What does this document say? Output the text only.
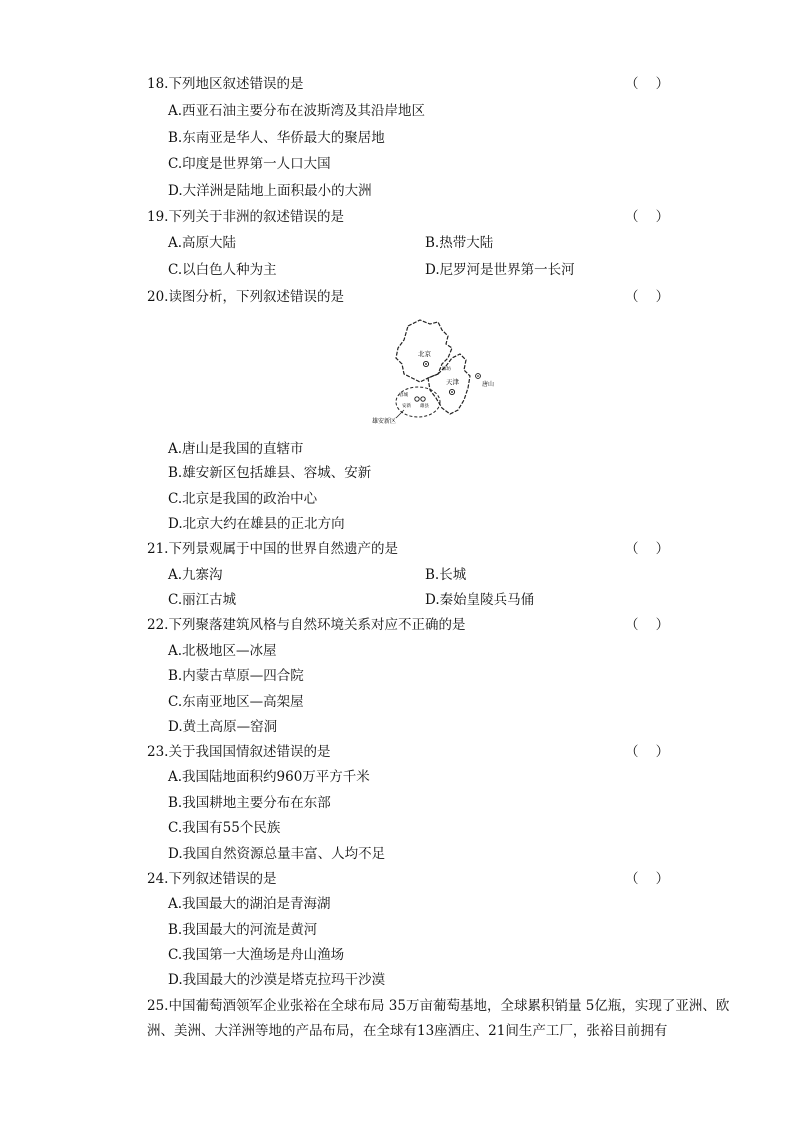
18.下列地区叙述错误的是	（    ）
A.西亚石油主要分布在波斯湾及其沿岸地区
B.东南亚是华人、华侨最大的聚居地
C.印度是世界第一人口大国
D.大洋洲是陆地上面积最小的大洲
19.下列关于非洲的叙述错误的是	（    ）
A.高原大陆	B.热带大陆
C.以白色人种为主	D.尼罗河是世界第一长河
20.读图分析，下列叙述错误的是	（    ）
北京
廊坊
天津	唐山
容城
安新 雄县
雄安新区
A.唐山是我国的直辖市
B.雄安新区包括雄县、容城、安新
C.北京是我国的政治中心
D.北京大约在雄县的正北方向
21.下列景观属于中国的世界自然遗产的是	（    ）
A.九寨沟	B.长城
C.丽江古城	D.秦始皇陵兵马俑
22.下列聚落建筑风格与自然环境关系对应不正确的是	（    ）
A.北极地区—冰屋
B.内蒙古草原—四合院
C.东南亚地区—高架屋
D.黄土高原—窑洞
23.关于我国国情叙述错误的是	（    ）
A.我国陆地面积约960万平方千米
B.我国耕地主要分布在东部
C.我国有55个民族
D.我国自然资源总量丰富、人均不足
24.下列叙述错误的是	（    ）
A.我国最大的湖泊是青海湖
B.我国最大的河流是黄河
C.我国第一大渔场是舟山渔场
D.我国最大的沙漠是塔克拉玛干沙漠
25.中国葡萄酒领军企业张裕在全球布局 35万亩葡萄基地，全球累积销量 5亿瓶，实现了亚洲、欧洲、美洲、大洋洲等地的产品布局，在全球有13座酒庄、21间生产工厂，张裕目前拥有
